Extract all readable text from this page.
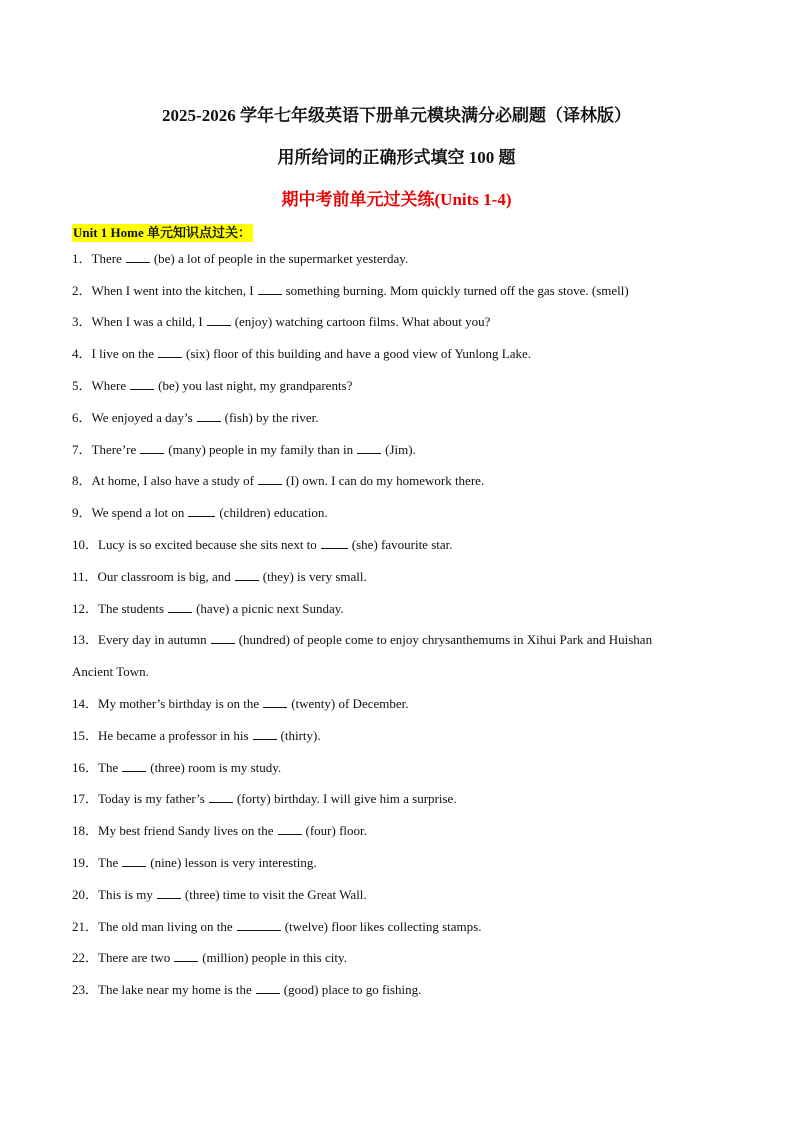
2025-2026 学年七年级英语下册单元模块满分必刷题（译林版）
用所给词的正确形式填空 100 题
期中考前单元过关练(Units 1-4)
Unit 1 Home 单元知识点过关：
1．There (be) a lot of people in the supermarket yesterday.
2．When I went into the kitchen, I something burning. Mom quickly turned off the gas stove. (smell)
3．When I was a child, I (enjoy) watching cartoon films. What about you?
4．I live on the (six) floor of this building and have a good view of Yunlong Lake.
5．Where (be) you last night, my grandparents?
6．We enjoyed a day’s (fish) by the river.
7．There’re (many) people in my family than in (Jim).
8．At home, I also have a study of (I) own. I can do my homework there.
9．We spend a lot on	(children) education.
10．Lucy is so excited because she sits next to	(she) favourite star.
11．Our classroom is big, and (they) is very small.
12．The students (have) a picnic next Sunday.
13．Every day in autumn (hundred) of people come to enjoy chrysanthemums in Xihui Park and Huishan
Ancient Town.
14．My mother’s birthday is on the (twenty) of December.
15．He became a professor in his (thirty).
16．The (three) room is my study.
17．Today is my father’s (forty) birthday. I will give him a surprise.
18．My best friend Sandy lives on the (four) floor.
19．The (nine) lesson is very interesting.
20．This is my (three) time to visit the Great Wall.
21．The old man living on the	(twelve) floor likes collecting stamps.
22．There are two (million) people in this city.
23．The lake near my home is the (good) place to go fishing.
